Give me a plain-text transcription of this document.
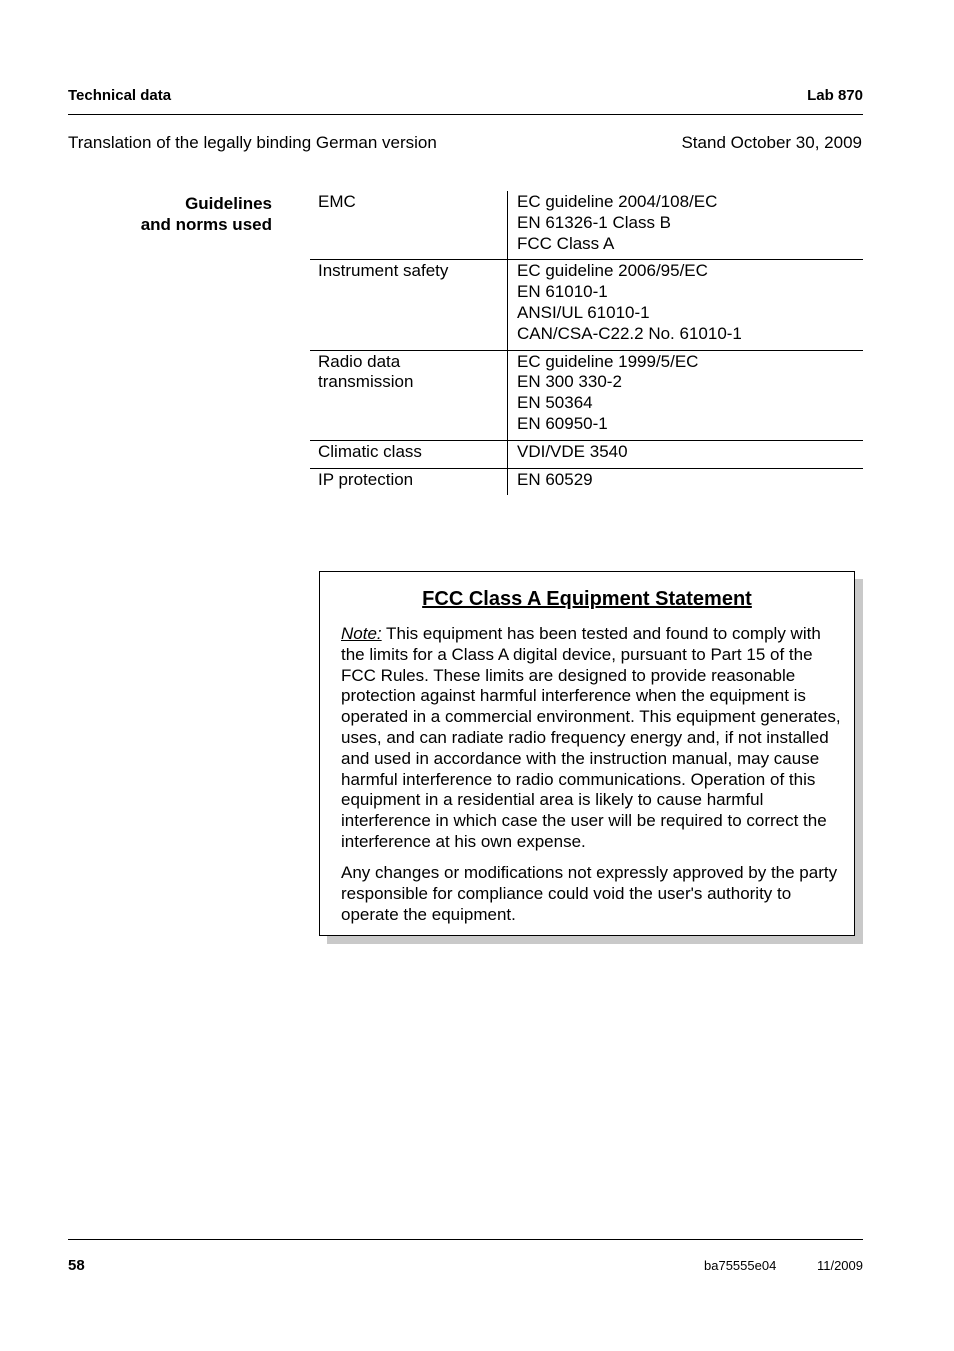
Technical data	Lab 870
Translation of the legally binding German version	Stand October 30, 2009
Guidelines
and norms used
EMC	EC guideline 2004/108/EC
EN 61326-1 Class B
FCC Class A

Instrument safety	EC guideline 2006/95/EC
EN 61010-1
ANSI/UL 61010-1
CAN/CSA-C22.2 No. 61010-1

Radio data
transmission	EC guideline 1999/5/EC
EN 300 330-2
EN 50364
EN 60950-1

Climatic class	VDI/VDE 3540

IP protection	EN 60529
FCC Class A Equipment Statement
Note: This equipment has been tested and found to comply with the limits for a Class A digital device, pursuant to Part 15 of the FCC Rules. These limits are designed to provide reasonable protection against harmful interference when the equipment is operated in a commercial environment. This equipment generates, uses, and can radiate radio frequency energy and, if not installed and used in accordance with the instruction manual, may cause harmful interference to radio communications. Operation of this equipment in a residential area is likely to cause harmful interference in which case the user will be required to correct the interference at his own expense.
Any changes or modifications not expressly approved by the party responsible for compliance could void the user's authority to operate the equipment.
58	ba75555e04	11/2009
